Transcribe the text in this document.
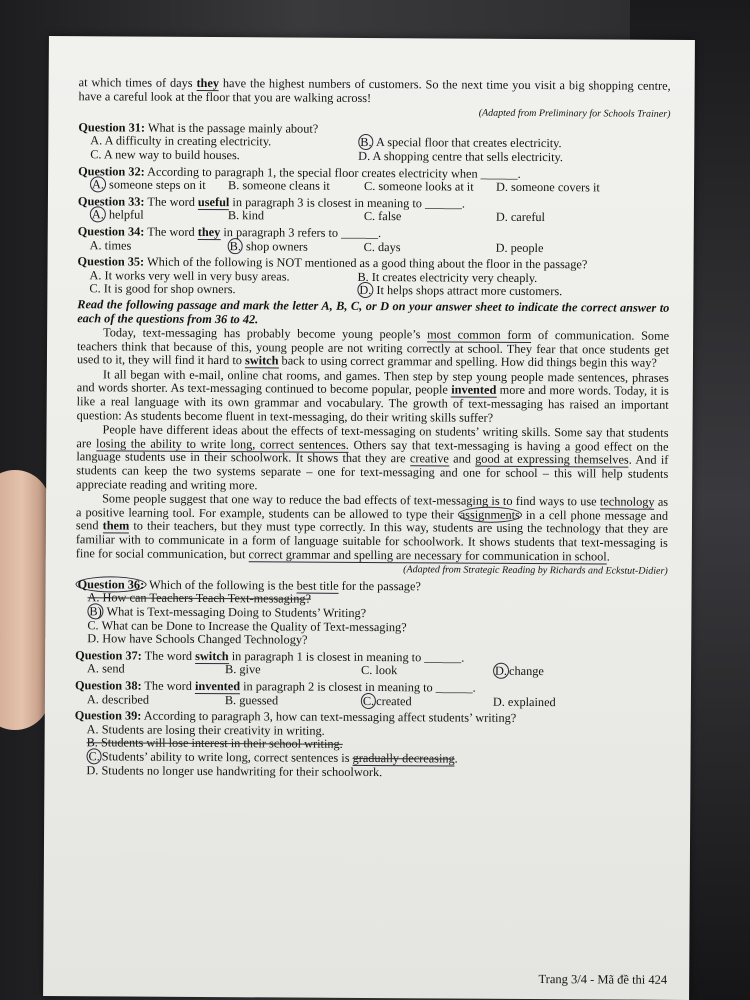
at which times of days they have the highest numbers of customers. So the next time you visit a big shopping centre, have a careful look at the floor that you are walking across!

(Adapted from Preliminary for Schools Trainer)

Question 31: What is the passage mainly about?

A. A difficulty in creating electricity.	B. A special floor that creates electricity.
C. A new way to build houses.	D. A shopping centre that sells electricity.

Question 32: According to paragraph 1, the special floor creates electricity when ______.

A. someone steps on it	B. someone cleans it	C. someone looks at it	D. someone covers it

Question 33: The word useful in paragraph 3 is closest in meaning to ______.

A. helpful	B. kind	C. false	D. careful

Question 34: The word they in paragraph 3 refers to ______.

A. times	B. shop owners	C. days	D. people

Question 35: Which of the following is NOT mentioned as a good thing about the floor in the passage?

A. It works very well in very busy areas.	B. It creates electricity very cheaply.
C. It is good for shop owners.	D. It helps shops attract more customers.

Read the following passage and mark the letter A, B, C, or D on your answer sheet to indicate the correct answer to each of the questions from 36 to 42.

Today, text-messaging has probably become young people’s most common form of communication. Some teachers think that because of this, young people are not writing correctly at school. They fear that once students get used to it, they will find it hard to switch back to using correct grammar and spelling. How did things begin this way?

It all began with e-mail, online chat rooms, and games. Then step by step young people made sentences, phrases and words shorter. As text-messaging continued to become popular, people invented more and more words. Today, it is like a real language with its own grammar and vocabulary. The growth of text-messaging has raised an important question: As students become fluent in text-messaging, do their writing skills suffer?

People have different ideas about the effects of text-messaging on students’ writing skills. Some say that students are losing the ability to write long, correct sentences. Others say that text-messaging is having a good effect on the language students use in their schoolwork. It shows that they are creative and good at expressing themselves. And if students can keep the two systems separate – one for text-messaging and one for school – this will help students appreciate reading and writing more.

Some people suggest that one way to reduce the bad effects of text-messaging is to find ways to use technology as a positive learning tool. For example, students can be allowed to type their assignments in a cell phone message and send them to their teachers, but they must type correctly. In this way, students are using the technology that they are familiar with to communicate in a form of language suitable for schoolwork. It shows students that text-messaging is fine for social communication, but correct grammar and spelling are necessary for communication in school.

(Adapted from Strategic Reading by Richards and Eckstut-Didier)

Question 36: Which of the following is the best title for the passage?

A. How can Teachers Teach Text-messaging?

B) What is Text-messaging Doing to Students’ Writing?

C. What can be Done to Increase the Quality of Text-messaging?

D. How have Schools Changed Technology?

Question 37: The word switch in paragraph 1 is closest in meaning to ______.

A. send	B. give	C. look	D. change

Question 38: The word invented in paragraph 2 is closest in meaning to ______.

A. described	B. guessed	C. created	D. explained

Question 39: According to paragraph 3, how can text-messaging affect students’ writing?

A. Students are losing their creativity in writing.

B. Students will lose interest in their school writing.

C. Students’ ability to write long, correct sentences is gradually decreasing.

D. Students no longer use handwriting for their schoolwork.

Trang 3/4 - Mã đề thi 424
